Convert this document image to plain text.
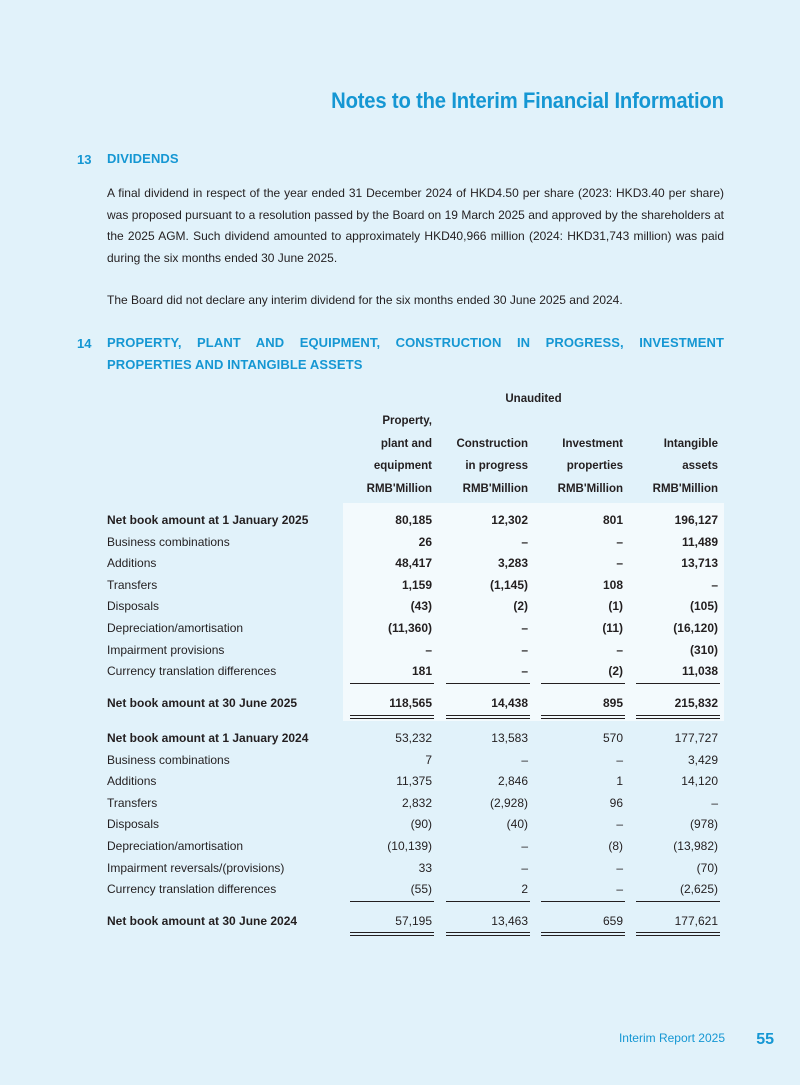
Notes to the Interim Financial Information
13 DIVIDENDS
A final dividend in respect of the year ended 31 December 2024 of HKD4.50 per share (2023: HKD3.40 per share) was proposed pursuant to a resolution passed by the Board on 19 March 2025 and approved by the shareholders at the 2025 AGM. Such dividend amounted to approximately HKD40,966 million (2024: HKD31,743 million) was paid during the six months ended 30 June 2025.
The Board did not declare any interim dividend for the six months ended 30 June 2025 and 2024.
14 PROPERTY, PLANT AND EQUIPMENT, CONSTRUCTION IN PROGRESS, INVESTMENT PROPERTIES AND INTANGIBLE ASSETS
Unaudited
Property,
plant and
equipment
RMB'Million
Construction
in progress
RMB'Million
Investment
properties
RMB'Million
Intangible
assets
RMB'Million
Net book amount at 1 January 2025	80,185	12,302	801	196,127
Business combinations	26	–	–	11,489
Additions	48,417	3,283	–	13,713
Transfers	1,159	(1,145)	108	–
Disposals	(43)	(2)	(1)	(105)
Depreciation/amortisation	(11,360)	–	(11)	(16,120)
Impairment provisions	–	–	–	(310)
Currency translation differences	181	–	(2)	11,038
Net book amount at 30 June 2025	118,565	14,438	895	215,832
Net book amount at 1 January 2024	53,232	13,583	570	177,727
Business combinations	7	–	–	3,429
Additions	11,375	2,846	1	14,120
Transfers	2,832	(2,928)	96	–
Disposals	(90)	(40)	–	(978)
Depreciation/amortisation	(10,139)	–	(8)	(13,982)
Impairment reversals/(provisions)	33	–	–	(70)
Currency translation differences	(55)	2	–	(2,625)
Net book amount at 30 June 2024	57,195	13,463	659	177,621
Interim Report 2025 55
